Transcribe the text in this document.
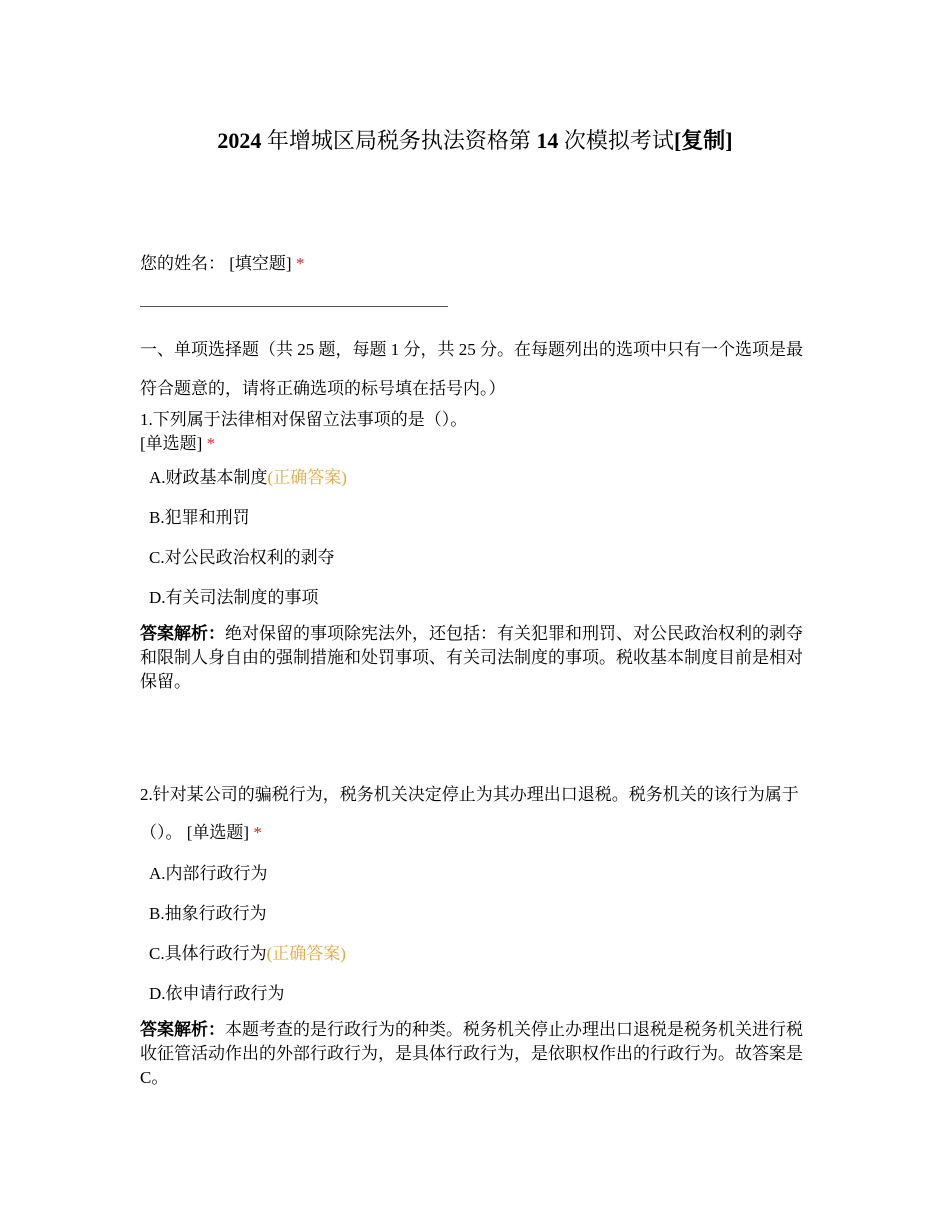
2024 年增城区局税务执法资格第 14 次模拟考试[复制]
您的姓名： [填空题] *
一、单项选择题（共 25 题，每题 1 分，共 25 分。在每题列出的选项中只有一个选项是最符合题意的，请将正确选项的标号填在括号内。）
1.下列属于法律相对保留立法事项的是（）。
[单选题] *
A.财政基本制度(正确答案)
B.犯罪和刑罚
C.对公民政治权利的剥夺
D.有关司法制度的事项
答案解析：绝对保留的事项除宪法外，还包括：有关犯罪和刑罚、对公民政治权利的剥夺和限制人身自由的强制措施和处罚事项、有关司法制度的事项。税收基本制度目前是相对保留。
2.针对某公司的骗税行为，税务机关决定停止为其办理出口退税。税务机关的该行为属于（）。 [单选题] *
A.内部行政行为
B.抽象行政行为
C.具体行政行为(正确答案)
D.依申请行政行为
答案解析：本题考查的是行政行为的种类。税务机关停止办理出口退税是税务机关进行税收征管活动作出的外部行政行为，是具体行政行为，是依职权作出的行政行为。故答案是 C。
